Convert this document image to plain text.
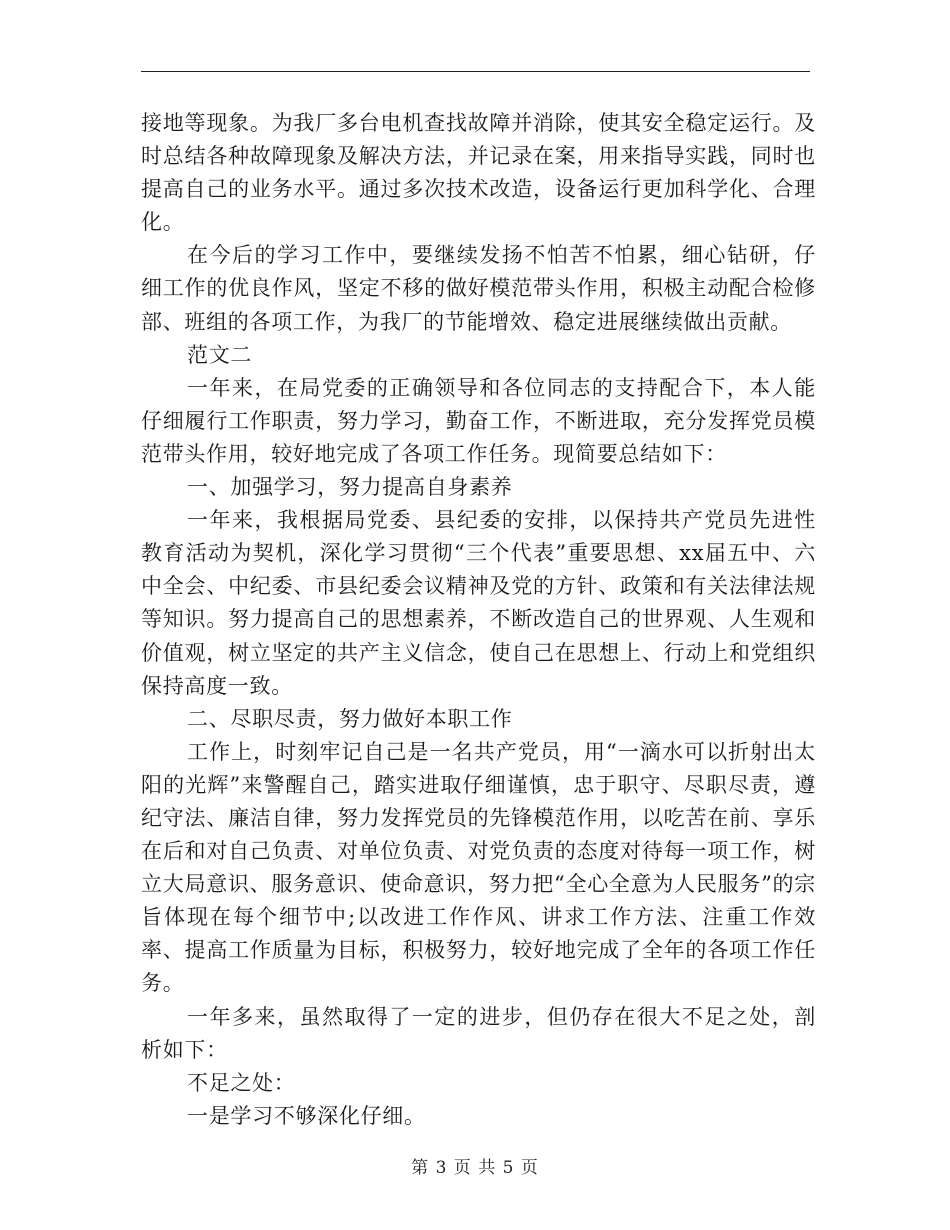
接地等现象。为我厂多台电机查找故障并消除，使其安全稳定运行。及时总结各种故障现象及解决方法，并记录在案，用来指导实践，同时也提高自己的业务水平。通过多次技术改造，设备运行更加科学化、合理化。

在今后的学习工作中，要继续发扬不怕苦不怕累，细心钻研，仔细工作的优良作风，坚定不移的做好模范带头作用，积极主动配合检修部、班组的各项工作，为我厂的节能增效、稳定进展继续做出贡献。

范文二

一年来，在局党委的正确领导和各位同志的支持配合下，本人能仔细履行工作职责，努力学习，勤奋工作，不断进取，充分发挥党员模范带头作用，较好地完成了各项工作任务。现简要总结如下：

一、加强学习，努力提高自身素养

一年来，我根据局党委、县纪委的安排，以保持共产党员先进性教育活动为契机，深化学习贯彻“三个代表”重要思想、xx届五中、六中全会、中纪委、市县纪委会议精神及党的方针、政策和有关法律法规等知识。努力提高自己的思想素养，不断改造自己的世界观、人生观和价值观，树立坚定的共产主义信念，使自己在思想上、行动上和党组织保持高度一致。

二、尽职尽责，努力做好本职工作

工作上，时刻牢记自己是一名共产党员，用“一滴水可以折射出太阳的光辉”来警醒自己，踏实进取仔细谨慎，忠于职守、尽职尽责，遵纪守法、廉洁自律，努力发挥党员的先锋模范作用，以吃苦在前、享乐在后和对自己负责、对单位负责、对党负责的态度对待每一项工作，树立大局意识、服务意识、使命意识，努力把“全心全意为人民服务”的宗旨体现在每个细节中;以改进工作作风、讲求工作方法、注重工作效率、提高工作质量为目标，积极努力，较好地完成了全年的各项工作任务。

一年多来，虽然取得了一定的进步，但仍存在很大不足之处，剖析如下：

不足之处：

一是学习不够深化仔细。

第 3 页 共 5 页
